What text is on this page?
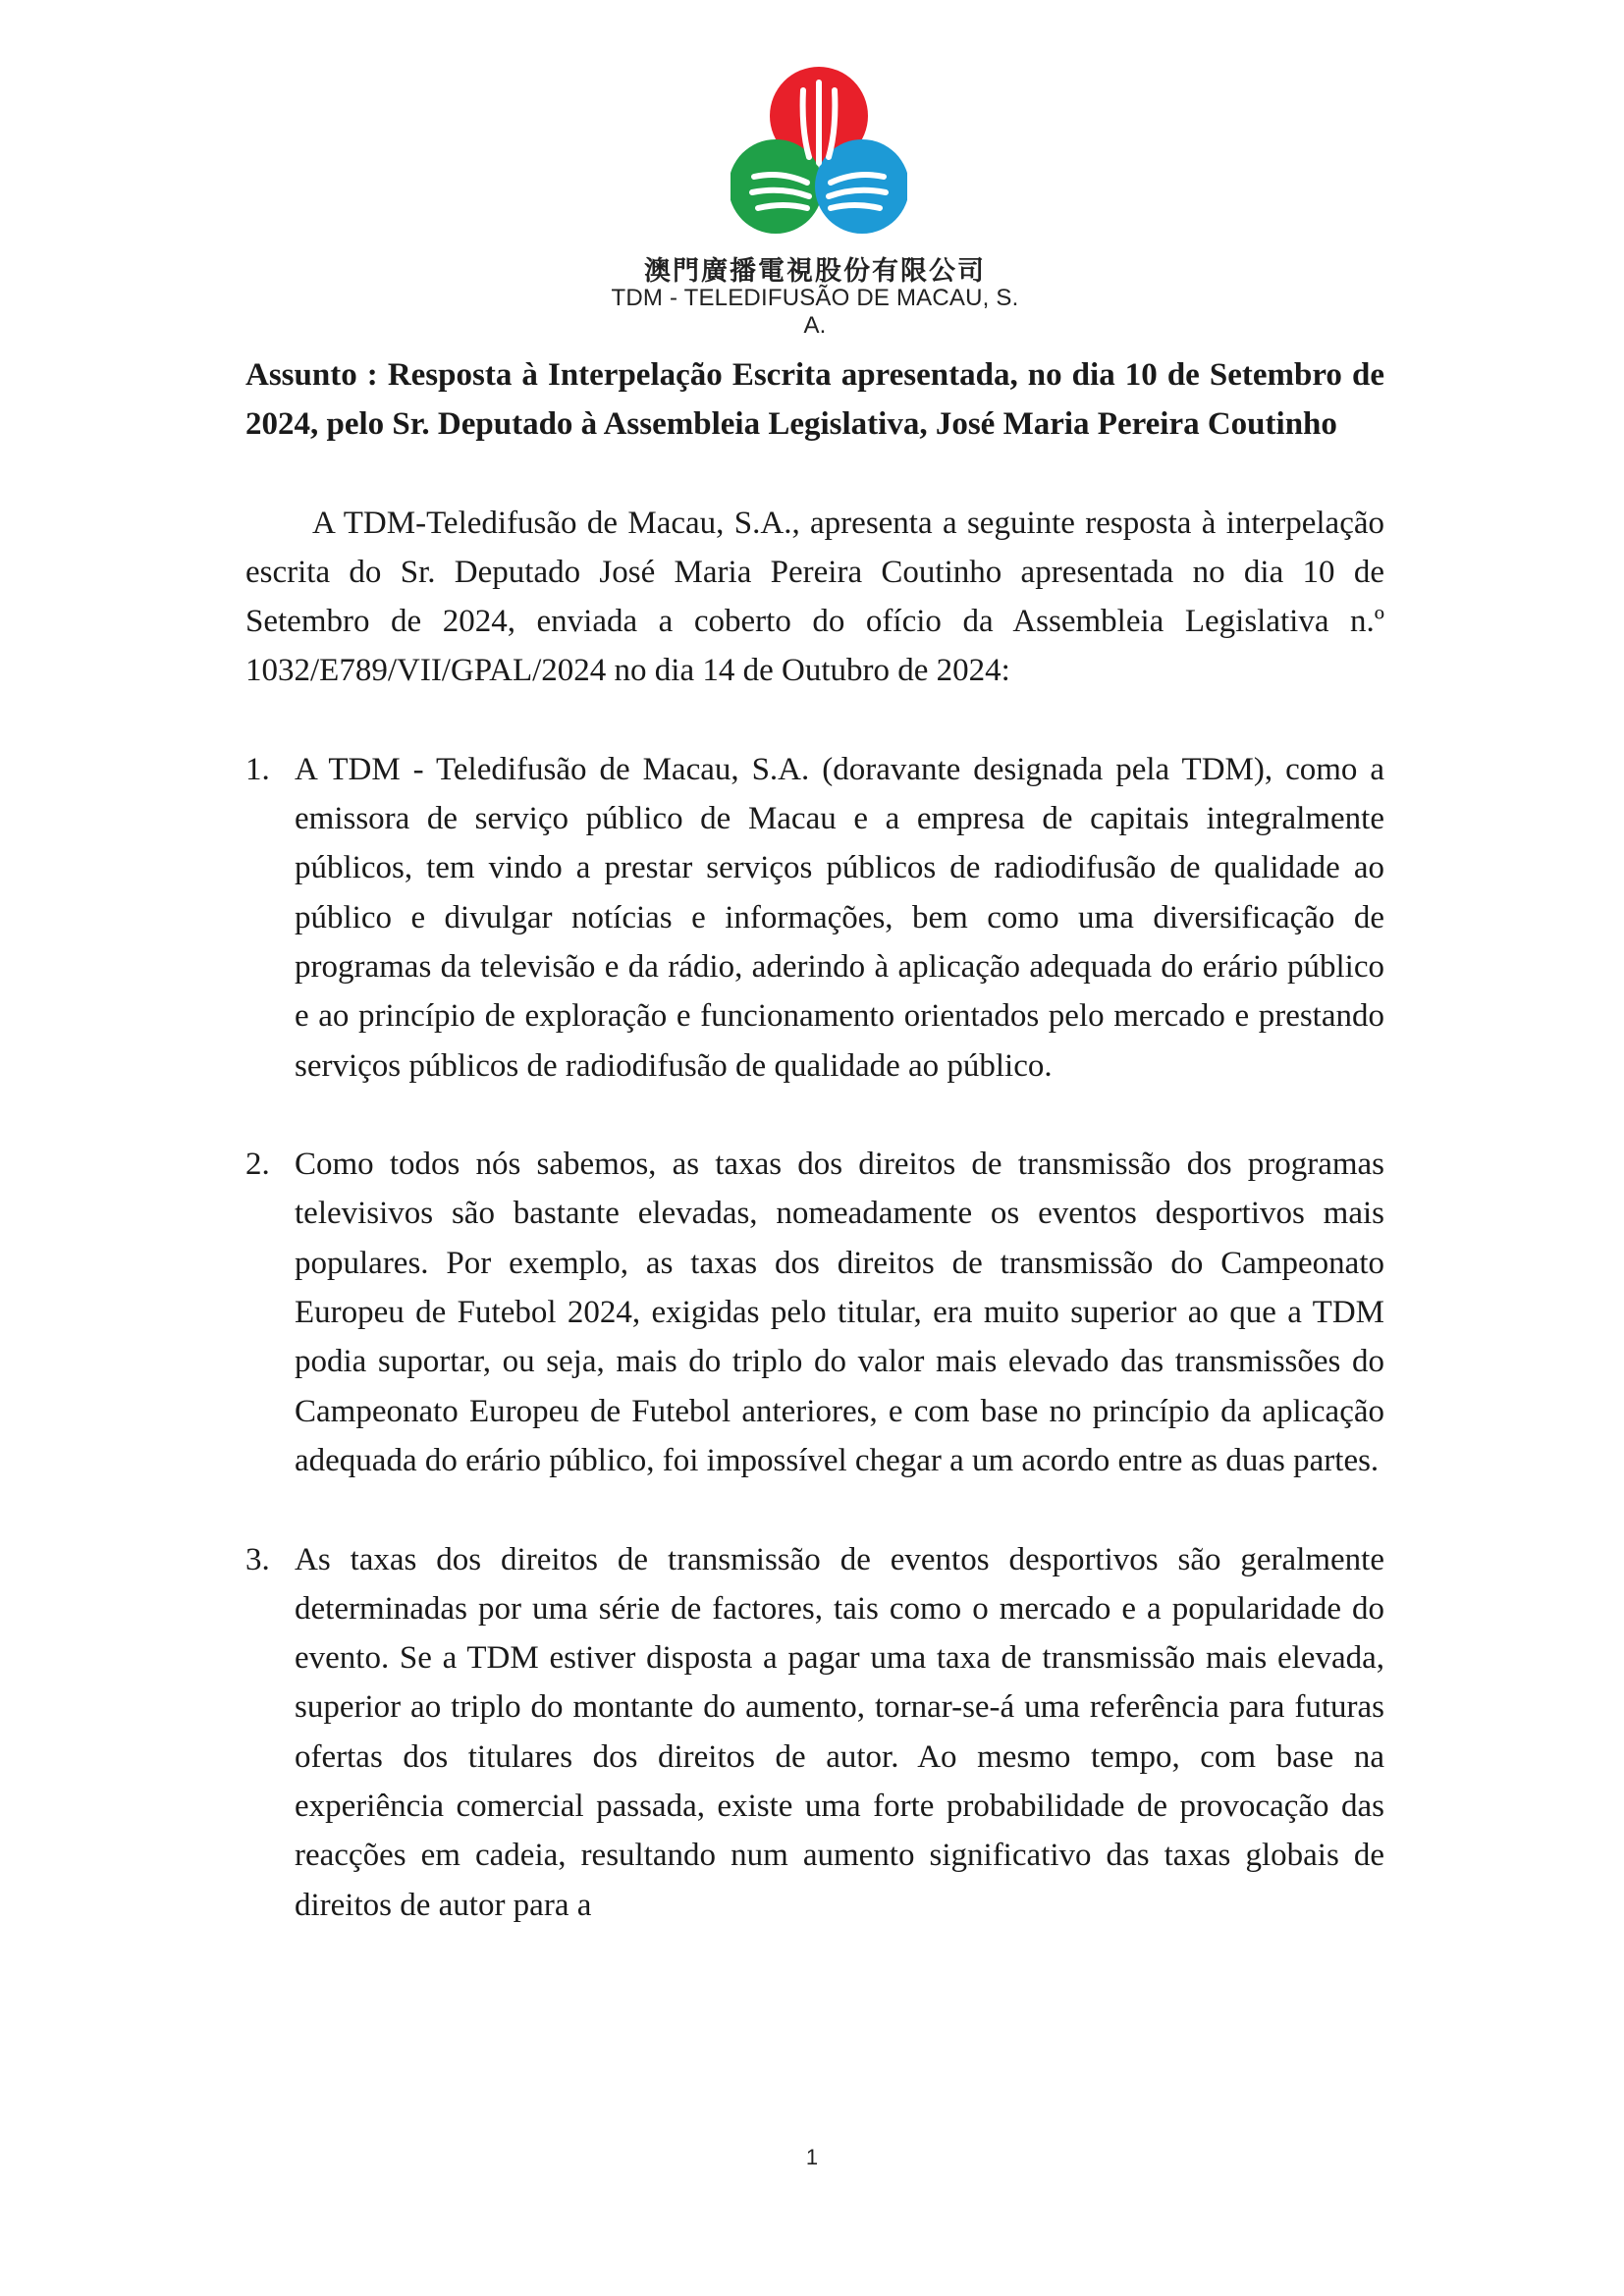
澳門廣播電視股份有限公司
TDM - TELEDIFUSÃO DE MACAU, S. A.

Assunto : Resposta à Interpelação Escrita apresentada, no dia 10 de Setembro de 2024, pelo Sr. Deputado à Assembleia Legislativa, José Maria Pereira Coutinho

A TDM-Teledifusão de Macau, S.A., apresenta a seguinte resposta à interpelação escrita do Sr. Deputado José Maria Pereira Coutinho apresentada no dia 10 de Setembro de 2024, enviada a coberto do ofício da Assembleia Legislativa n.º 1032/E789/VII/GPAL/2024 no dia 14 de Outubro de 2024:

1. A TDM - Teledifusão de Macau, S.A. (doravante designada pela TDM), como a emissora de serviço público de Macau e a empresa de capitais integralmente públicos, tem vindo a prestar serviços públicos de radiodifusão de qualidade ao público e divulgar notícias e informações, bem como uma diversificação de programas da televisão e da rádio, aderindo à aplicação adequada do erário público e ao princípio de exploração e funcionamento orientados pelo mercado e prestando serviços públicos de radiodifusão de qualidade ao público.
2. Como todos nós sabemos, as taxas dos direitos de transmissão dos programas televisivos são bastante elevadas, nomeadamente os eventos desportivos mais populares. Por exemplo, as taxas dos direitos de transmissão do Campeonato Europeu de Futebol 2024, exigidas pelo titular, era muito superior ao que a TDM podia suportar, ou seja, mais do triplo do valor mais elevado das transmissões do Campeonato Europeu de Futebol anteriores, e com base no princípio da aplicação adequada do erário público, foi impossível chegar a um acordo entre as duas partes.
3. As taxas dos direitos de transmissão de eventos desportivos são geralmente determinadas por uma série de factores, tais como o mercado e a popularidade do evento. Se a TDM estiver disposta a pagar uma taxa de transmissão mais elevada, superior ao triplo do montante do aumento, tornar-se-á uma referência para futuras ofertas dos titulares dos direitos de autor. Ao mesmo tempo, com base na experiência comercial passada, existe uma forte probabilidade de provocação das reacções em cadeia, resultando num aumento significativo das taxas globais de direitos de autor para a
1
